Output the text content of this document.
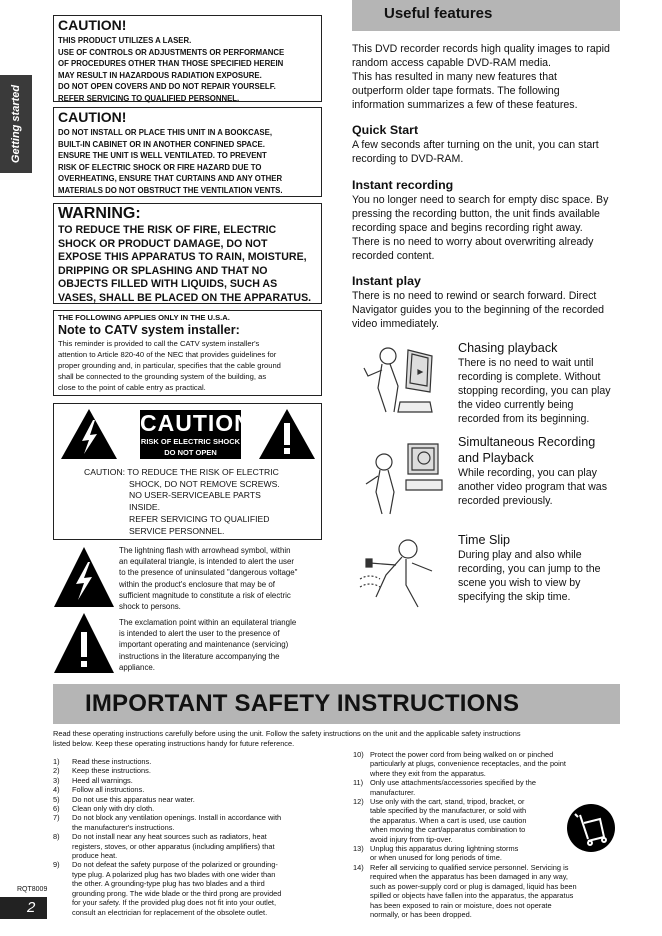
Getting started
CAUTION!

THIS PRODUCT UTILIZES A LASER.
USE OF CONTROLS OR ADJUSTMENTS OR PERFORMANCE
OF PROCEDURES OTHER THAN THOSE SPECIFIED HEREIN
MAY RESULT IN HAZARDOUS RADIATION EXPOSURE.
DO NOT OPEN COVERS AND DO NOT REPAIR YOURSELF.
REFER SERVICING TO QUALIFIED PERSONNEL.

CAUTION!

DO NOT INSTALL OR PLACE THIS UNIT IN A BOOKCASE,
BUILT-IN CABINET OR IN ANOTHER CONFINED SPACE.
ENSURE THE UNIT IS WELL VENTILATED. TO PREVENT
RISK OF ELECTRIC SHOCK OR FIRE HAZARD DUE TO
OVERHEATING, ENSURE THAT CURTAINS AND ANY OTHER
MATERIALS DO NOT OBSTRUCT THE VENTILATION VENTS.

WARNING:

TO REDUCE THE RISK OF FIRE, ELECTRIC
SHOCK OR PRODUCT DAMAGE, DO NOT
EXPOSE THIS APPARATUS TO RAIN, MOISTURE,
DRIPPING OR SPLASHING AND THAT NO
OBJECTS FILLED WITH LIQUIDS, SUCH AS
VASES, SHALL BE PLACED ON THE APPARATUS.

THE FOLLOWING APPLIES ONLY IN THE U.S.A.
Note to CATV system installer:

This reminder is provided to call the CATV system installer's
attention to Article 820-40 of the NEC that provides guidelines for
proper grounding and, in particular, specifies that the cable ground
shall be connected to the grounding system of the building, as
close to the point of cable entry as practical.

CAUTION
RISK OF ELECTRIC SHOCK
DO NOT OPEN
CAUTION: TO REDUCE THE RISK OF ELECTRIC
SHOCK, DO NOT REMOVE SCREWS.
NO USER-SERVICEABLE PARTS
INSIDE.
REFER SERVICING TO QUALIFIED
SERVICE PERSONNEL.
The lightning flash with arrowhead symbol, within
an equilateral triangle, is intended to alert the user
to the presence of uninsulated "dangerous voltage"
within the product's enclosure that may be of
sufficient magnitude to constitute a risk of electric
shock to persons.
The exclamation point within an equilateral triangle
is intended to alert the user to the presence of
important operating and maintenance (servicing)
instructions in the literature accompanying the
appliance.
Useful features

This DVD recorder records high quality images to rapid
random access capable DVD-RAM media.
This has resulted in many new features that
outperform older tape formats. The following
information summarizes a few of these features.

Quick Start

A few seconds after turning on the unit, you can start
recording to DVD-RAM.

Instant recording

You no longer need to search for empty disc space. By
pressing the recording button, the unit finds available
recording space and begins recording right away.
There is no need to worry about overwriting already
recorded content.

Instant play

There is no need to rewind or search forward. Direct
Navigator guides you to the beginning of the recorded
video immediately.

Chasing playback
There is no need to wait until
recording is complete. Without
stopping recording, you can play
the video currently being
recorded from its beginning.
Simultaneous Recording
and Playback
While recording, you can play
another video program that was
recorded previously.
Time Slip
During play and also while
recording, you can jump to the
scene you wish to view by
specifying the skip time.
IMPORTANT SAFETY INSTRUCTIONS
Read these operating instructions carefully before using the unit. Follow the safety instructions on the unit and the applicable safety instructions
listed below. Keep these operating instructions handy for future reference.
1) Read these instructions.
2) Keep these instructions.
3) Heed all warnings.
4) Follow all instructions.
5) Do not use this apparatus near water.
6) Clean only with dry cloth.
7) Do not block any ventilation openings. Install in accordance with
the manufacturer's instructions.
8) Do not install near any heat sources such as radiators, heat
registers, stoves, or other apparatus (including amplifiers) that
produce heat.
9) Do not defeat the safety purpose of the polarized or grounding-
type plug. A polarized plug has two blades with one wider than
the other. A grounding-type plug has two blades and a third
grounding prong. The wide blade or the third prong are provided
for your safety. If the provided plug does not fit into your outlet,
consult an electrician for replacement of the obsolete outlet.
10) Protect the power cord from being walked on or pinched
particularly at plugs, convenience receptacles, and the point
where they exit from the apparatus.
11) Only use attachments/accessories specified by the
manufacturer.
12) Use only with the cart, stand, tripod, bracket, or
table specified by the manufacturer, or sold with
the apparatus. When a cart is used, use caution
when moving the cart/apparatus combination to
avoid injury from tip-over.
13) Unplug this apparatus during lightning storms
or when unused for long periods of time.
14) Refer all servicing to qualified service personnel. Servicing is
required when the apparatus has been damaged in any way,
such as power-supply cord or plug is damaged, liquid has been
spilled or objects have fallen into the apparatus, the apparatus
has been exposed to rain or moisture, does not operate
normally, or has been dropped.
RQT8009
2
